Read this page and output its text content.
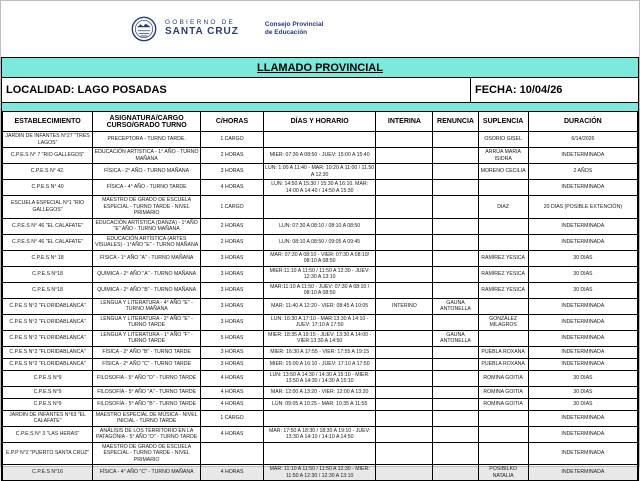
GOBIERNO DE
SANTA CRUZ
Consejo Provincial
de Educación
LLAMADO PROVINCIAL
LOCALIDAD: LAGO POSADAS	FECHA: 10/04/26
ESTABLECIMIENTO	ASIGNATURA/CARGO CURSO/GRADO TURNO	C/HORAS	DÍAS Y HORARIO	INTERINA	RENUNCIA	SUPLENCIA	DURACIÓN
JARDIN DE INFANTES N°27 "TRES LAGOS"	PRECEPTORA - TURNO TARDE.	1 CARGO				OSORIO GISEL	6/14/2026
C.P.E.S N° 7 "RIO GALLEGOS"	EDUCACIÓN ARTÍSTICA - 1° AÑO - TURNO MAÑANA	2 HORAS	MIER: 07:30 A 08:50 - JUEV: 15:00 A 15:40			ARRÚA MARIA ISIDRA	INDETERMINADA
C.P.E.S N° 42.	FÍSICA - 2° AÑO - TURNO MAÑANA	3 HORAS	LUN: 1:00 A 11:40 - MAR: 10:20 A 11:00 / 11.50 A 12:30			MORENO CECILIA	2 AÑOS
C.P.E.S N° 40	FÍSICA - 4° AÑO - TURNO TARDE	4 HORAS	LUN: 14:50 A 15:30 / 15:30 A 16:10. MAR: 14:00 A 14:40 / 14:50 A 15:30				INDETERMINADA
ESCUELA ESPECIAL N°1 "RIO GALLEGOS"	MAESTRO DE GRADO DE ESCUELA ESPECIAL - TURNO TARDE - NIVEL PRIMARIO	1 CARGO				DIAZ	20 DIAS (POSIBLE EXTENCIÓN)
C.P.E.S N° 46 "EL CALAFATE"	EDUCACIÓN ARTÍSTICA (DANZA) - 1°AÑO "E" AÑO - TURNO MAÑANA	2 HORAS	LUN: 07:30 A 08:10 / 08:10 A 08:50				INDETERMINADA
C.P.E.S N° 46 "EL CALAFATE"	EDUCACIÓN ARTÍSTICA (ARTES VISUALES) - 1°AÑO "E" - TURNO MAÑANA	2 HORAS	LUN: 08:10 A 08:50 / 09:05 A 09:45				INDETERMINADA
C.P.E.S N° 18	FÍSICA - 1° AÑO "A" - TURNO MAÑANA	3 HORAS	MAR: 07:30 A 08:10 - VIER: 07:30 A 08:10/ 08:10 A 08:50			RAMÍREZ YESICA	30 DIAS
C.P.E.S N°18	QUÍMICA - 2° AÑO "A" - TURNO MAÑANA	3 HORAS	MIER:11:10 A 11:50 / 11:50 A 12:30 - JUEV: 12:30 A 13:10			RAMÍREZ YESICA	30 DIAS
C.P.E.S N°18	QUÍMICA - 2° AÑO "B" - TURNO MAÑANA	3 HORAS	MAR:11:10 A 11:50 - JUEV: 07:30 A 08:10 / 08:10 A 08:50			RAMÍREZ YESICA	30 DIAS
C.P.E.S N°2 "FLORIDABLANCA"	LENGUA Y LITERATURA - 4° AÑO "E" - TURNO MAÑANA	3 HORAS	MAR: 11:40 A 12:20 - VIER: 08:45 A 10:05	INTERINO	GAUNA ANTONELLA		INDETERMINADA
C.P.E.S N°2 "FLORIDABLANCA"	LENGUA Y LITERATURA - 2° AÑO "E" - TURNO TARDE	3 HORAS	LUN: 16:30 A 17:10 - MAR:13:30 A 14:10 - JUEV: 17:10 A 17:50			GONZÁLEZ MILAGROS	INDETERMINADA
C.P.E.S N°2 "FLORIDABLANCA"	LENGUA Y LITERATURA - 1° AÑO "F" - TURNO TARDE	5 HORAS	MIER: 18:35 A 19:15 - JUEV: 13:30 A 14:00 - VIER:13:30 A 14:50		GAUNA ANTONELLA		INDETERMINADA
C.P.E.S N°2 "FLORIDABLANCA"	FÍSICA - 2° AÑO "B" - TURNO TARDE	3 HORAS	MIER: 16:30 A 17:55 - VIER: 17:55 A 19:15			PUEBLA ROXANA	INDETERMINADA
C.P.E.S N°2 "FLORIDABLANCA"	FÍSICA - 2° AÑO "C" - TURNO TARDE	3 HORAS	MIER: 15:00 A 16:10 - JUEV: 17:10 A 17:50			PUEBLA ROXANA	INDETERMINADA
C.P.E.S N°9	FILOSOFÍA - 5° AÑO "D" - TURNO TARDE	4 HORAS	LUN: 13:50 A 14:30 / 14:30 A 15:10 - MIER: 13:50 A 14:30 / 14:30 A 15:10			ROMINA GOITIA	30 DIAS
C.P.E.S N°9	FILOSOFÍA - 5° AÑO "A" - TURNO TARDE	4 HORAS	MAR: 12:00 A 13:20 - VIER: 12:00 A 13:20			ROMINA GOITIA	30 DIAS
C.P.E.S N°9	FILOSOFÍA - 5° AÑO "B" - TURNO TARDE	4 HORAS	LUN: 09:05 A 10:25 - MAR: 10:35 A 11:55			ROMINA GOITIA	30 DIAS
JARDIN DE INFANTES N°63 "EL CALAFATE"	MAESTRO ESPECIAL DE MÚSICA - NIVEL INICIAL - TURNO TARDE	1 CARGO					INDETERMINADA
C.P.E.S N° 3 "LAS HERAS"	ANÁLISIS DE LOS TERRITORIO EN LA PATAGÓNIA - 5° AÑO "D" - TURNO TARDE	4 HORAS	MAR: 17:50 A 18:30 / 18:30 A 19:10 - JUEV: 13:30 A 14:10 / 14:10 A 14:50				INDETERMINADA
E.P.P N°2 "PUERTO SANTA CRUZ"	MAESTRO DE GRADO DE ESCUELA ESPECIAL - TURNO TARDE - NIVEL PRIMARIO						INDETERMINADA
C.P.E.S N°16	FÍSICA - 4° AÑO "C" - TURNO MAÑANA	4 HORAS	MAR: 11:10 A 11:50 / 11:50 A 12:30 - MIER: 11:50 A 12:30 / 12:30 A 13:10			POSIBILKO NATALIA	INDETERMINADA
